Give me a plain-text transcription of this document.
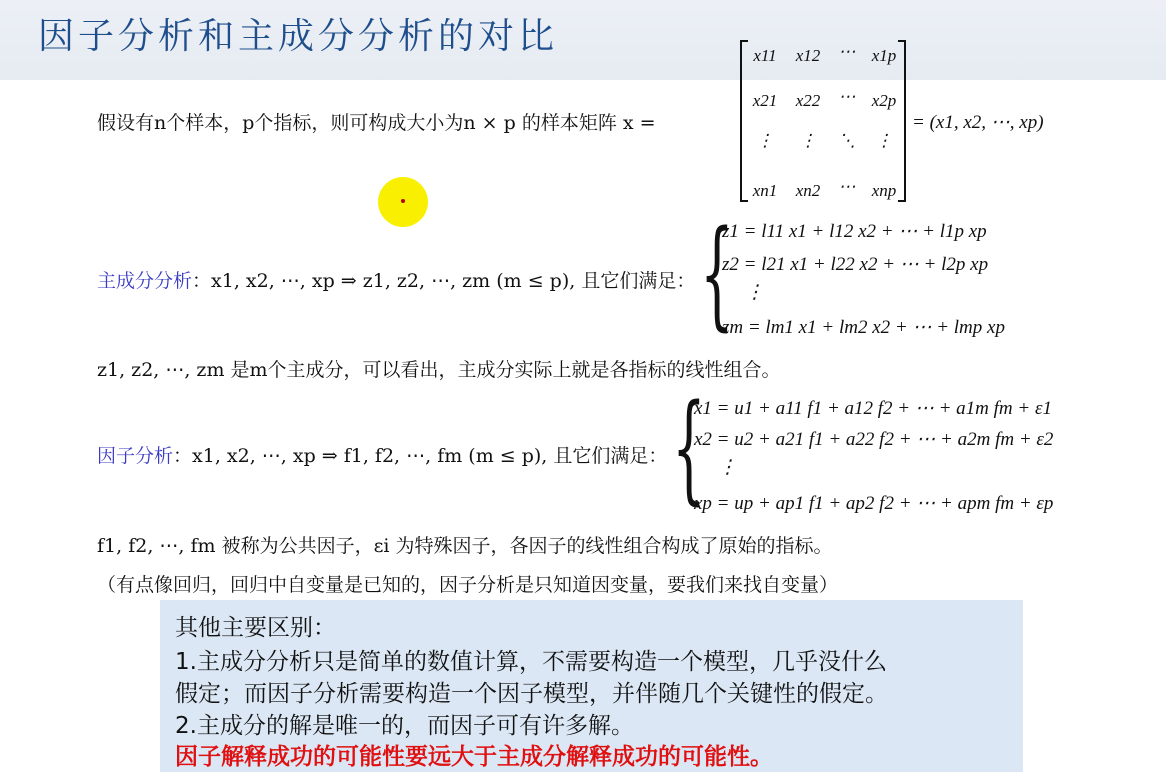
因子分析和主成分分析的对比
假设有n个样本，p个指标，则可构成大小为n × p 的样本矩阵 x =
x11	x12	⋯ x1p
x21	x22	⋯ x2p
⋮	⋮	⋱	⋮
xn1	xn2	⋯ xnp
= (x1, x2, ⋯, xp)
主成分分析：x1, x2, ⋯, xp ⇒ z1, z2, ⋯, zm (m ≤ p), 且它们满足： {
z1 = l11 x1 + l12 x2 + ⋯ + l1p xp
z2 = l21 x1 + l22 x2 + ⋯ + l2p xp
⋮
zm = lm1 x1 + lm2 x2 + ⋯ + lmp xp
z1, z2, ⋯, zm 是m个主成分，可以看出，主成分实际上就是各指标的线性组合。
因子分析：x1, x2, ⋯, xp ⇒ f1, f2, ⋯, fm (m ≤ p), 且它们满足： {
x1 = u1 + a11 f1 + a12 f2 + ⋯ + a1m fm + ε1
x2 = u2 + a21 f1 + a22 f2 + ⋯ + a2m fm + ε2
⋮
xp = up + ap1 f1 + ap2 f2 + ⋯ + apm fm + εp
f1, f2, ⋯, fm 被称为公共因子，εi 为特殊因子，各因子的线性组合构成了原始的指标。
（有点像回归，回归中自变量是已知的，因子分析是只知道因变量，要我们来找自变量）
其他主要区别：
1.主成分分析只是简单的数值计算，不需要构造一个模型，几乎没什么
假定；而因子分析需要构造一个因子模型，并伴随几个关键性的假定。
2.主成分的解是唯一的，而因子可有许多解。
因子解释成功的可能性要远大于主成分解释成功的可能性。
